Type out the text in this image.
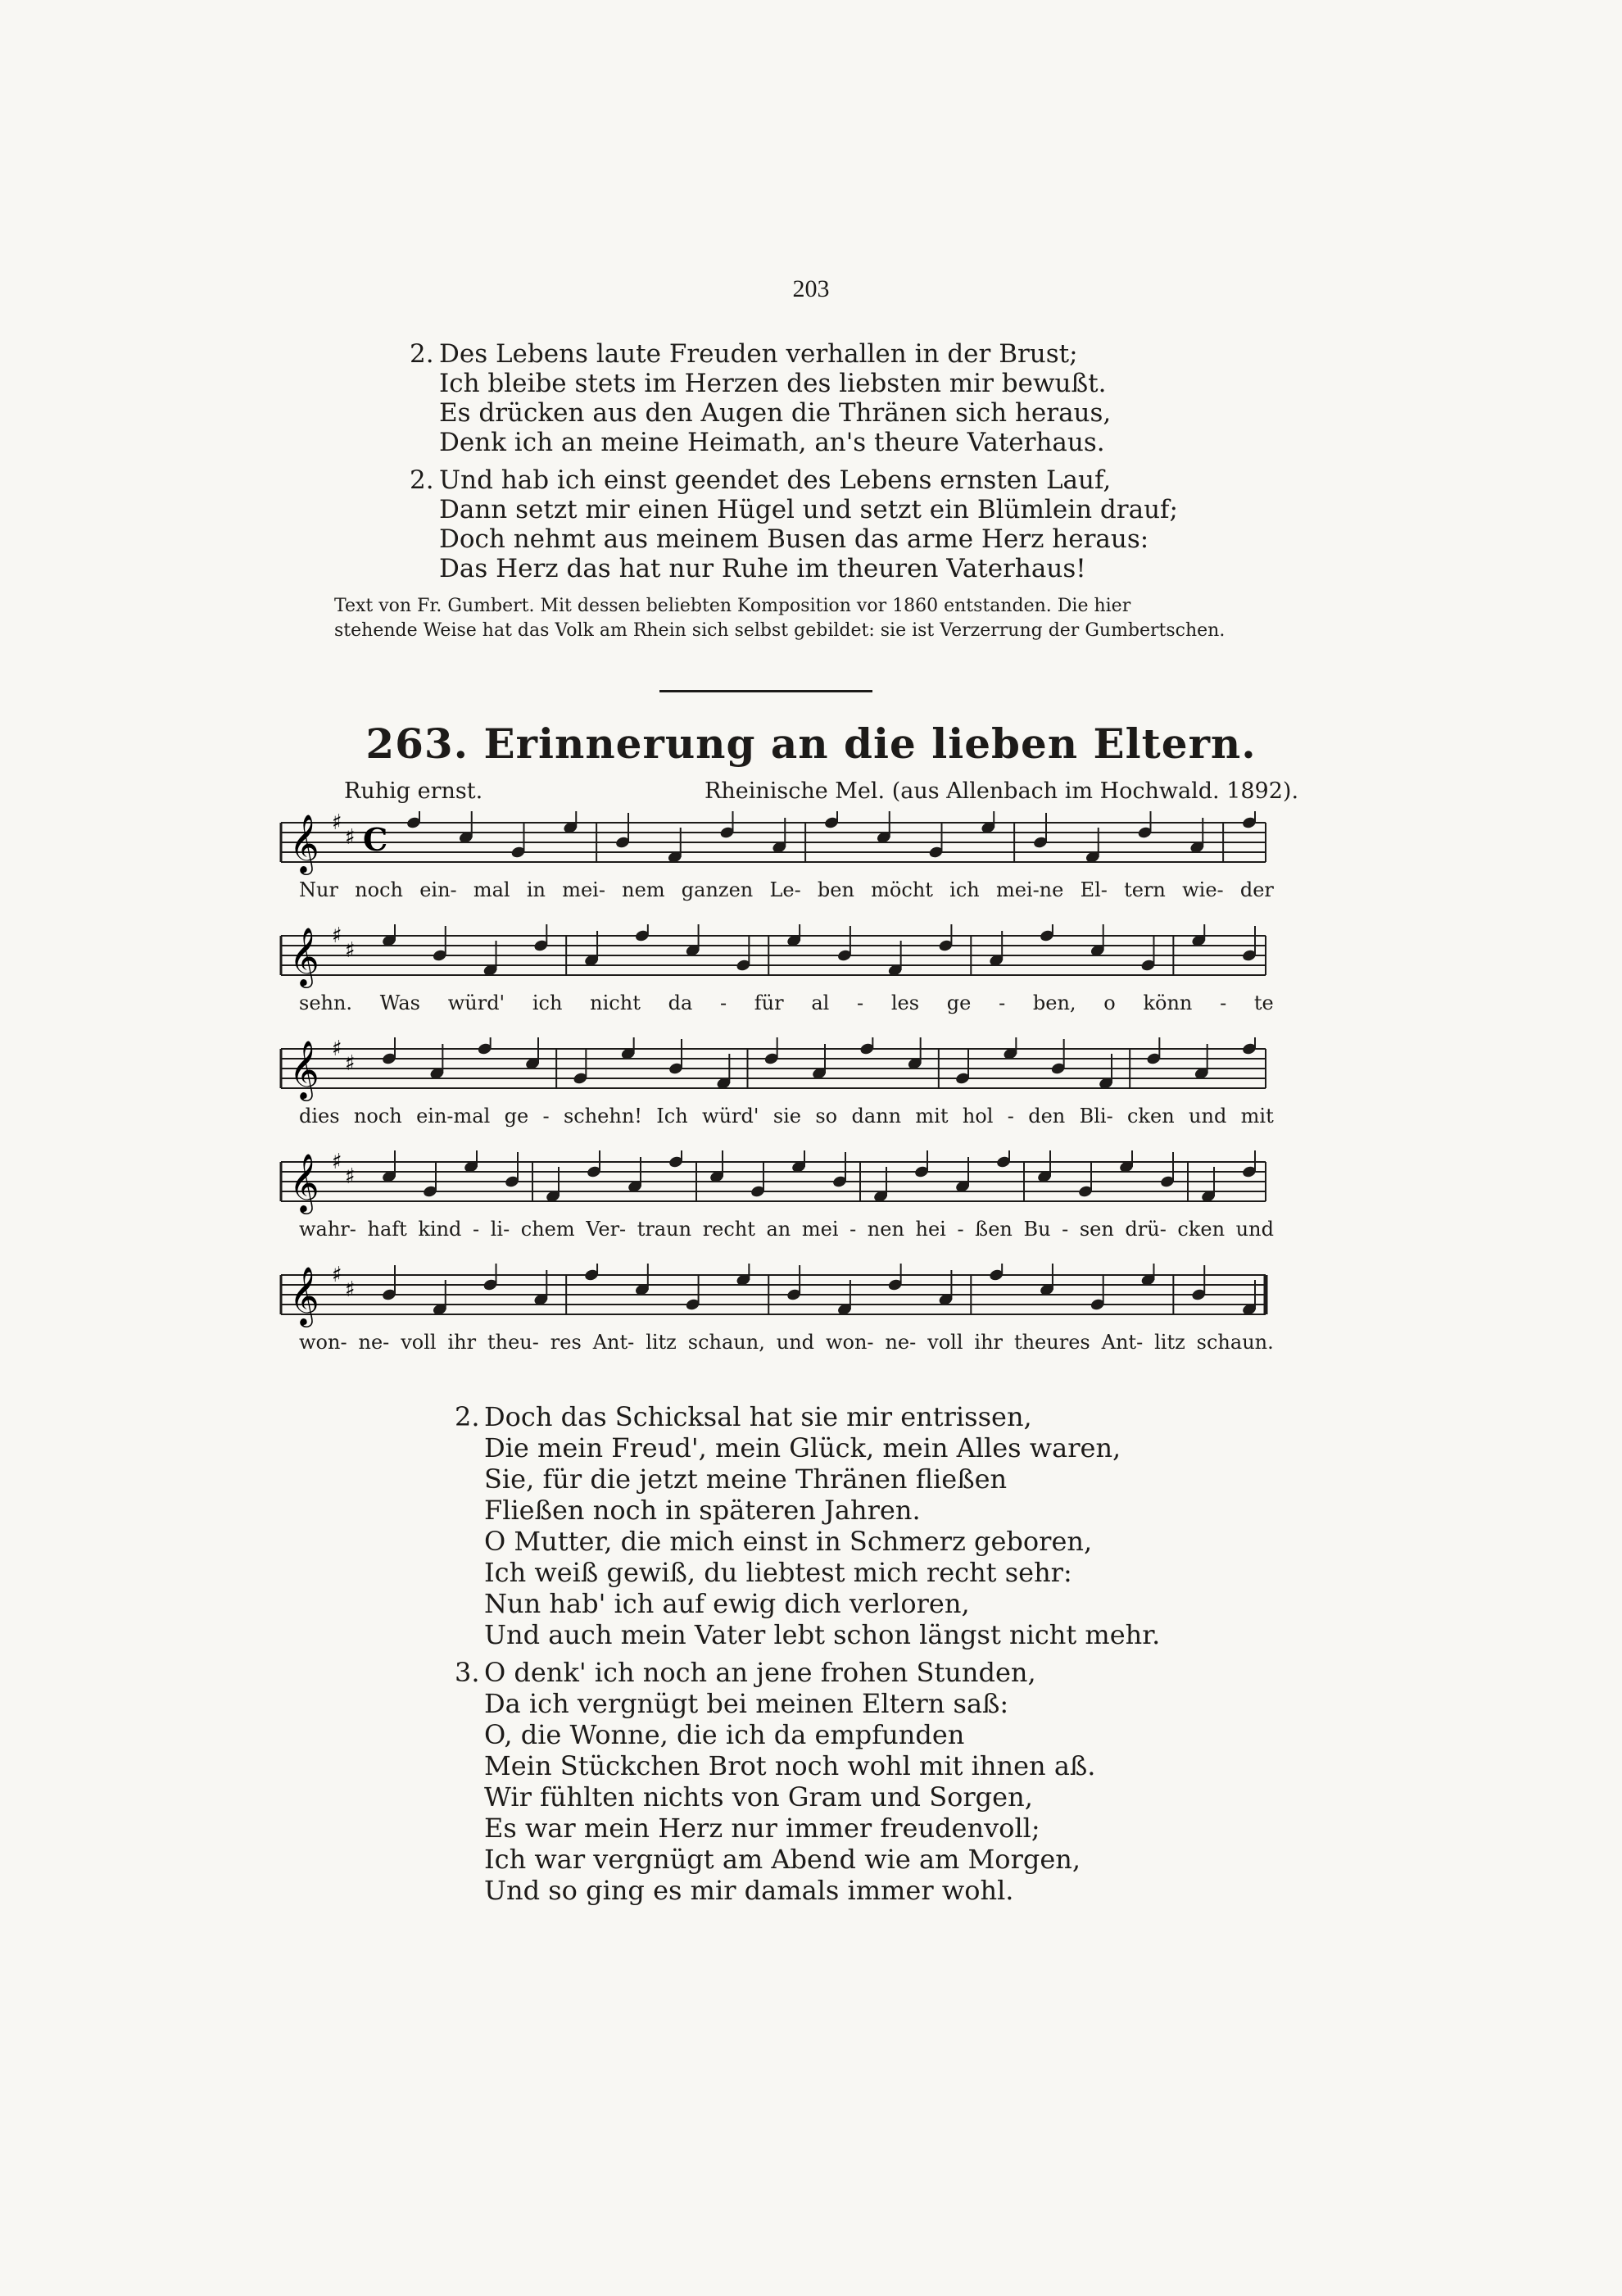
203
2. Des Lebens laute Freuden verhallen in der Brust;
Ich bleibe stets im Herzen des liebsten mir bewußt.
Es drücken aus den Augen die Thränen sich heraus,
Denk ich an meine Heimath, an's theure Vaterhaus.
2. Und hab ich einst geendet des Lebens ernsten Lauf,
Dann setzt mir einen Hügel und setzt ein Blümlein drauf;
Doch nehmt aus meinem Busen das arme Herz heraus:
Das Herz das hat nur Ruhe im theuren Vaterhaus!
Text von Fr. Gumbert. Mit dessen beliebten Komposition vor 1860 entstanden. Die hier
stehende Weise hat das Volk am Rhein sich selbst gebildet: sie ist Verzerrung der Gumbertschen.
263. Erinnerung an die lieben Eltern.
Ruhig ernst.	Rheinische Mel. (aus Allenbach im Hochwald. 1892).
𝄞 ♯
♯ C
Nur noch ein- mal in mei- nem ganzen Le- ben möcht ich mei-ne El- tern wie- der
𝄞 ♯
♯
sehn. Was würd' ich nicht da - für al - les ge - ben, o könn - te
𝄞 ♯
♯
dies noch ein-mal ge - schehn! Ich würd' sie so dann mit hol - den Bli- cken und mit
𝄞 ♯
♯
wahr- haft kind - li- chem Ver- traun recht an mei - nen hei - ßen Bu - sen drü- cken und
𝄞 ♯
♯
won- ne- voll ihr theu- res Ant- litz schaun, und won- ne- voll ihr theures Ant- litz schaun.
2. Doch das Schicksal hat sie mir entrissen,
Die mein Freud', mein Glück, mein Alles waren,
Sie, für die jetzt meine Thränen fließen
Fließen noch in späteren Jahren.
O Mutter, die mich einst in Schmerz geboren,
Ich weiß gewiß, du liebtest mich recht sehr:
Nun hab' ich auf ewig dich verloren,
Und auch mein Vater lebt schon längst nicht mehr.
3. O denk' ich noch an jene frohen Stunden,
Da ich vergnügt bei meinen Eltern saß:
O, die Wonne, die ich da empfunden
Mein Stückchen Brot noch wohl mit ihnen aß.
Wir fühlten nichts von Gram und Sorgen,
Es war mein Herz nur immer freudenvoll;
Ich war vergnügt am Abend wie am Morgen,
Und so ging es mir damals immer wohl.
